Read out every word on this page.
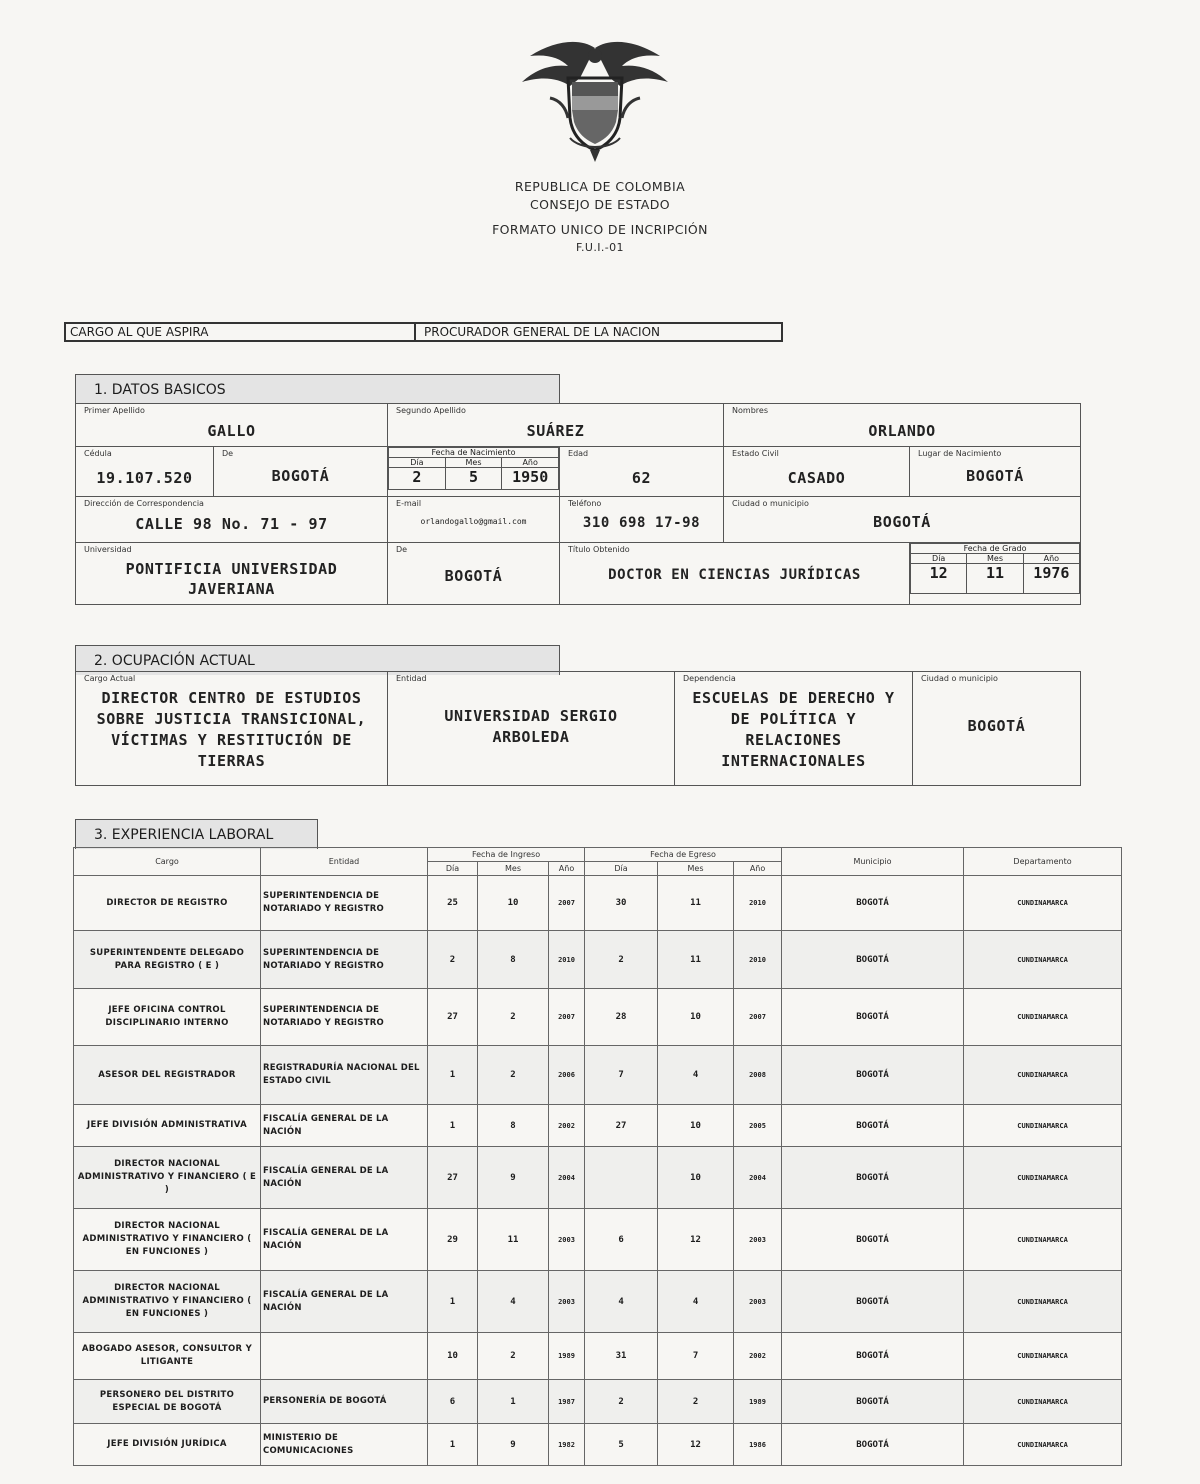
REPUBLICA DE COLOMBIA
CONSEJO DE ESTADO
FORMATO UNICO DE INCRIPCIÓN
F.U.I.-01
CARGO AL QUE ASPIRA	PROCURADOR GENERAL DE LA NACION
1. DATOS BASICOS
Primer Apellido
GALLO

Segundo Apellido
SUÁREZ

Nombres
ORLANDO

Cédula
19.107.520

De
BOGOTÁ

Fecha de Nacimiento
Día	Mes	Año
2	5	1950

Edad
62

Estado Civil
CASADO

Lugar de Nacimiento
BOGOTÁ

Dirección de Correspondencia
CALLE 98 No. 71 - 97

E-mail
orlandogallo@gmail.com

Teléfono
310 698 17-98

Ciudad o municipio
BOGOTÁ

Universidad
PONTIFICIA UNIVERSIDAD JAVERIANA

De
BOGOTÁ

Título Obtenido
DOCTOR EN CIENCIAS JURÍDICAS

Fecha de Grado
Día	Mes	Año
12	11	1976
2. OCUPACIÓN ACTUAL
Cargo Actual
DIRECTOR CENTRO DE ESTUDIOS SOBRE JUSTICIA TRANSICIONAL, VÍCTIMAS Y RESTITUCIÓN DE TIERRAS

Entidad
UNIVERSIDAD SERGIO ARBOLEDA

Dependencia
ESCUELAS DE DERECHO Y DE POLÍTICA Y RELACIONES INTERNACIONALES

Ciudad o municipio
BOGOTÁ
3. EXPERIENCIA LABORAL
Cargo	Entidad	Fecha de Ingreso			Fecha de Egreso			Municipio	Departamento
		Día	Mes	Año	Día	Mes	Año		
DIRECTOR DE REGISTRO	SUPERINTENDENCIA DE NOTARIADO Y REGISTRO	25	10	2007	30	11	2010	BOGOTÁ	CUNDINAMARCA
SUPERINTENDENTE DELEGADO PARA REGISTRO ( E )	SUPERINTENDENCIA DE NOTARIADO Y REGISTRO	2	8	2010	2	11	2010	BOGOTÁ	CUNDINAMARCA
JEFE OFICINA CONTROL DISCIPLINARIO INTERNO	SUPERINTENDENCIA DE NOTARIADO Y REGISTRO	27	2	2007	28	10	2007	BOGOTÁ	CUNDINAMARCA
ASESOR DEL REGISTRADOR	REGISTRADURÍA NACIONAL DEL ESTADO CIVIL	1	2	2006	7	4	2008	BOGOTÁ	CUNDINAMARCA
JEFE DIVISIÓN ADMINISTRATIVA	FISCALÍA GENERAL DE LA NACIÓN	1	8	2002	27	10	2005	BOGOTÁ	CUNDINAMARCA
DIRECTOR NACIONAL ADMINISTRATIVO Y FINANCIERO ( E )	FISCALÍA GENERAL DE LA NACIÓN	27	9	2004		10	2004	BOGOTÁ	CUNDINAMARCA
DIRECTOR NACIONAL ADMINISTRATIVO Y FINANCIERO ( EN FUNCIONES )	FISCALÍA GENERAL DE LA NACIÓN	29	11	2003	6	12	2003	BOGOTÁ	CUNDINAMARCA
DIRECTOR NACIONAL ADMINISTRATIVO Y FINANCIERO ( EN FUNCIONES )	FISCALÍA GENERAL DE LA NACIÓN	1	4	2003	4	4	2003	BOGOTÁ	CUNDINAMARCA
ABOGADO ASESOR, CONSULTOR Y LITIGANTE		10	2	1989	31	7	2002	BOGOTÁ	CUNDINAMARCA
PERSONERO DEL DISTRITO ESPECIAL DE BOGOTÁ	PERSONERÍA DE BOGOTÁ	6	1	1987	2	2	1989	BOGOTÁ	CUNDINAMARCA
JEFE DIVISIÓN JURÍDICA	MINISTERIO DE COMUNICACIONES	1	9	1982	5	12	1986	BOGOTÁ	CUNDINAMARCA
